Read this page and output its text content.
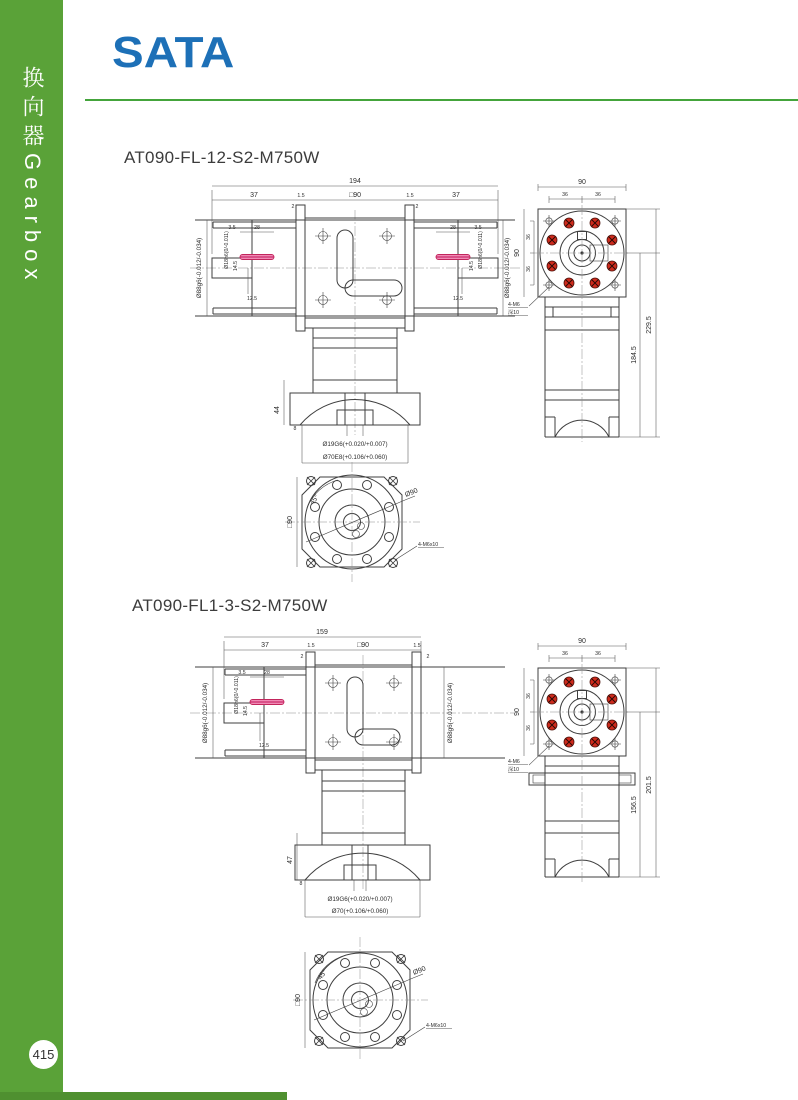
换向器Gearbox
SATA
AT090-FL-12-S2-M750W
AT090-FL1-3-S2-M750W
415
194
37
2
1.5	□90	1.5
2
37
3.5	28	28	3.5
12.5	12.5
14.5	14.5
Ø18h6(0/-0.011)	Ø18h6(0/-0.011)
Ø88g6(-0.012/-0.034)	Ø88g6(-0.012/-0.034)
44
8
Ø19G6(+0.020/+0.007)
Ø70E8(+0.106/+0.060)
90
36	36
90
36
36
4-M6
深10
184.5
229.5
45°
□90
Ø90
4-M6x10
159
37
2
1.5	□90	1.5
2
3.5	28
12.5
14.5
Ø18h6(0/-0.011)
Ø88g6(-0.012/-0.034)	Ø88g6(-0.012/-0.034)
47
8
Ø19G6(+0.020/+0.007)
Ø70(+0.106/+0.060)
90
36	36
90
36
36
4-M6
深10
156.5
201.5
45°
□90
Ø90
4-M6x10
